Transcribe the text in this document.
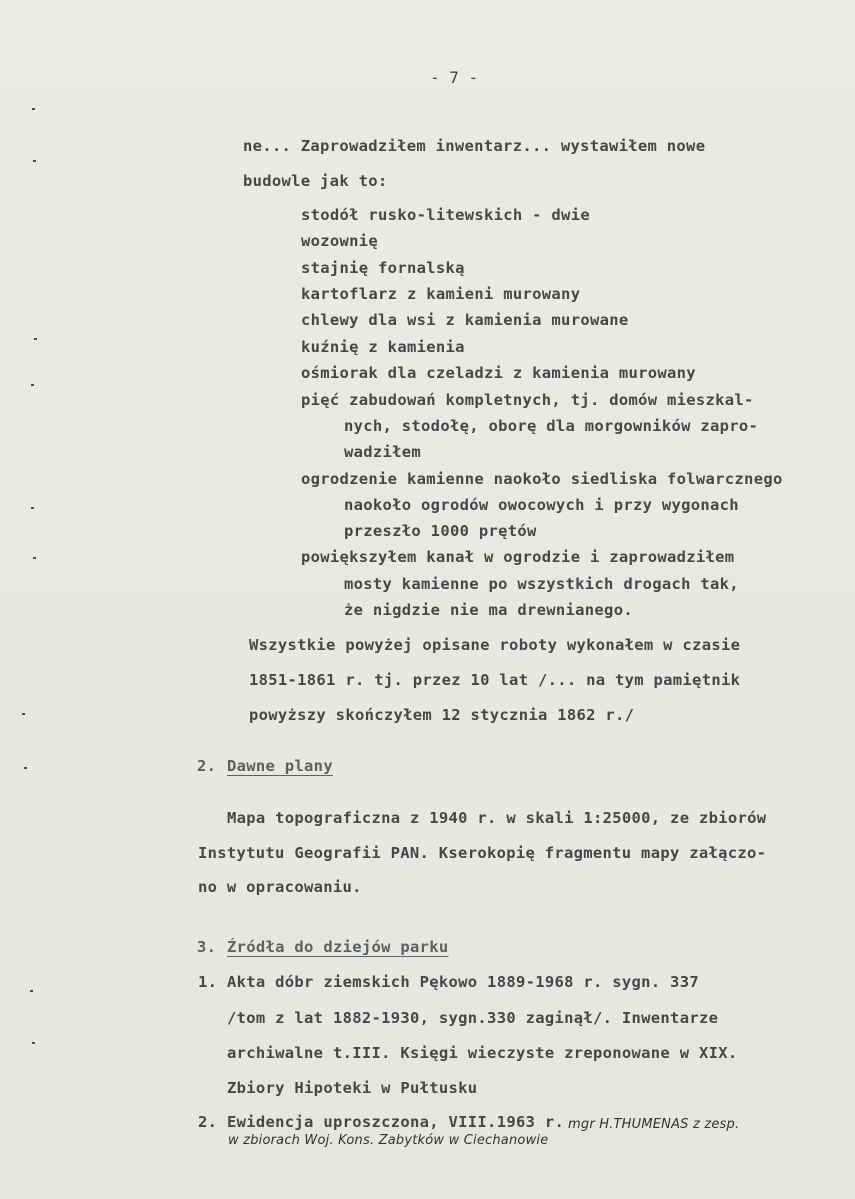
- 7 -
ne... Zaprowadziłem inwentarz... wystawiłem nowe
budowle jak to:
stodół rusko-litewskich - dwie
wozownię
stajnię fornalską
kartoflarz z kamieni murowany
chlewy dla wsi z kamienia murowane
kuźnię z kamienia
ośmiorak dla czeladzi z kamienia murowany
pięć zabudowań kompletnych, tj. domów mieszkal-
nych, stodołę, oborę dla morgowników zapro-
wadziłem
ogrodzenie kamienne naokoło siedliska folwarcznego
naokoło ogrodów owocowych i przy wygonach
przeszło 1000 prętów
powiększyłem kanał w ogrodzie i zaprowadziłem
mosty kamienne po wszystkich drogach tak,
że nigdzie nie ma drewnianego.
Wszystkie powyżej opisane roboty wykonałem w czasie
1851-1861 r. tj. przez 10 lat /... na tym pamiętnik
powyższy skończyłem 12 stycznia 1862 r./
2. Dawne plany
Mapa topograficzna z 1940 r. w skali 1:25000, ze zbiorów
Instytutu Geografii PAN. Kserokopię fragmentu mapy załączo-
no w opracowaniu.
3. Źródła do dziejów parku
1. Akta dóbr ziemskich Pękowo 1889-1968 r. sygn. 337
/tom z lat 1882-1930, sygn.330 zaginął/. Inwentarze
archiwalne t.III. Księgi wieczyste zreponowane w XIX.
Zbiory Hipoteki w Pułtusku
2. Ewidencja uproszczona, VIII.1963 r. mgr H.THUMENAS z zesp.
w zbiorach Woj. Kons. Zabytków w Ciechanowie
